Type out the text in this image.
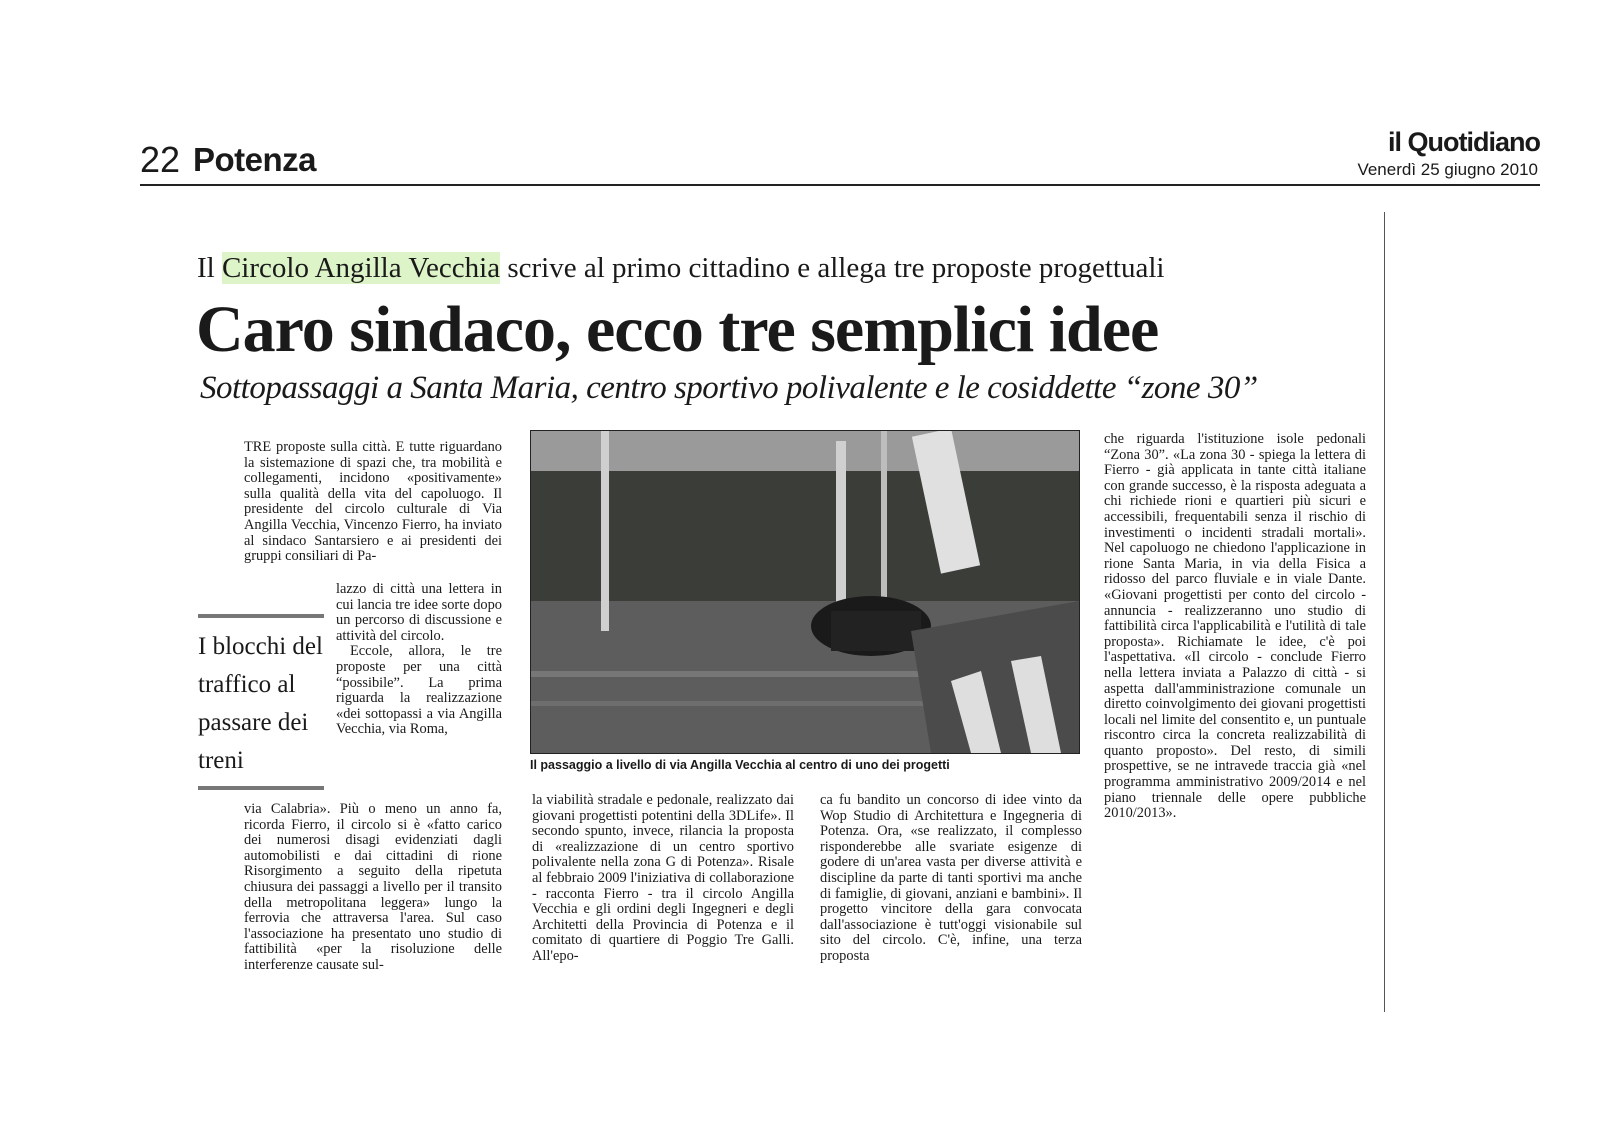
22 Potenza	il Quotidiano
Venerdì 25 giugno 2010
Il Circolo Angilla Vecchia scrive al primo cittadino e allega tre proposte progettuali
Caro sindaco, ecco tre semplici idee
Sottopassaggi a Santa Maria, centro sportivo polivalente e le cosiddette “zone 30”

TRE proposte sulla città. E tutte riguardano la sistemazione di spazi che, tra mobilità e collegamenti, incidono «positivamente» sulla qualità della vita del capoluogo. Il presidente del circolo culturale di Via Angilla Vecchia, Vincenzo Fierro, ha inviato al sindaco Santarsiero e ai presidenti dei gruppi consiliari di Pa-

lazzo di città una lettera in cui lancia tre idee sorte dopo un percorso di discussione e attività del circolo.

Eccole, allora, le tre proposte per una città “possibile”. La prima riguarda la realizzazione «dei sottopassi a via Angilla Vecchia, via Roma,

via Calabria». Più o meno un anno fa, ricorda Fierro, il circolo si è «fatto carico dei numerosi disagi evidenziati dagli automobilisti e dai cittadini di rione Risorgimento a seguito della ripetuta chiusura dei passaggi a livello per il transito della metropolitana leggera» lungo la ferrovia che attraversa l'area. Sul caso l'associazione ha presentato uno studio di fattibilità «per la risoluzione delle interferenze causate sul-

I blocchi del traffico al passare dei treni	Il passaggio a livello di via Angilla Vecchia al centro di uno dei progetti

la viabilità stradale e pedonale, realizzato dai giovani progettisti potentini della 3DLife». Il secondo spunto, invece, rilancia la proposta di «realizzazione di un centro sportivo polivalente nella zona G di Potenza». Risale al febbraio 2009 l'iniziativa di collaborazione - racconta Fierro - tra il circolo Angilla Vecchia e gli ordini degli Ingegneri e degli Architetti della Provincia di Potenza e il comitato di quartiere di Poggio Tre Galli. All'epo-

ca fu bandito un concorso di idee vinto da Wop Studio di Architettura e Ingegneria di Potenza. Ora, «se realizzato, il complesso risponderebbe alle svariate esigenze di godere di un'area vasta per diverse attività e discipline da parte di tanti sportivi ma anche di famiglie, di giovani, anziani e bambini». Il progetto vincitore della gara convocata dall'associazione è tutt'oggi visionabile sul sito del circolo. C'è, infine, una terza proposta

che riguarda l'istituzione isole pedonali “Zona 30”. «La zona 30 - spiega la lettera di Fierro - già applicata in tante città italiane con grande successo, è la risposta adeguata a chi richiede rioni e quartieri più sicuri e accessibili, frequentabili senza il rischio di investimenti o incidenti stradali mortali». Nel capoluogo ne chiedono l'applicazione in rione Santa Maria, in via della Fisica a ridosso del parco fluviale e in viale Dante. «Giovani progettisti per conto del circolo - annuncia - realizzeranno uno studio di fattibilità circa l'applicabilità e l'utilità di tale proposta». Richiamate le idee, c'è poi l'aspettativa. «Il circolo - conclude Fierro nella lettera inviata a Palazzo di città - si aspetta dall'amministrazione comunale un diretto coinvolgimento dei giovani progettisti locali nel limite del consentito e, un puntuale riscontro circa la concreta realizzabilità di quanto proposto». Del resto, di simili prospettive, se ne intravede traccia già «nel programma amministrativo 2009/2014 e nel piano triennale delle opere pubbliche 2010/2013».
